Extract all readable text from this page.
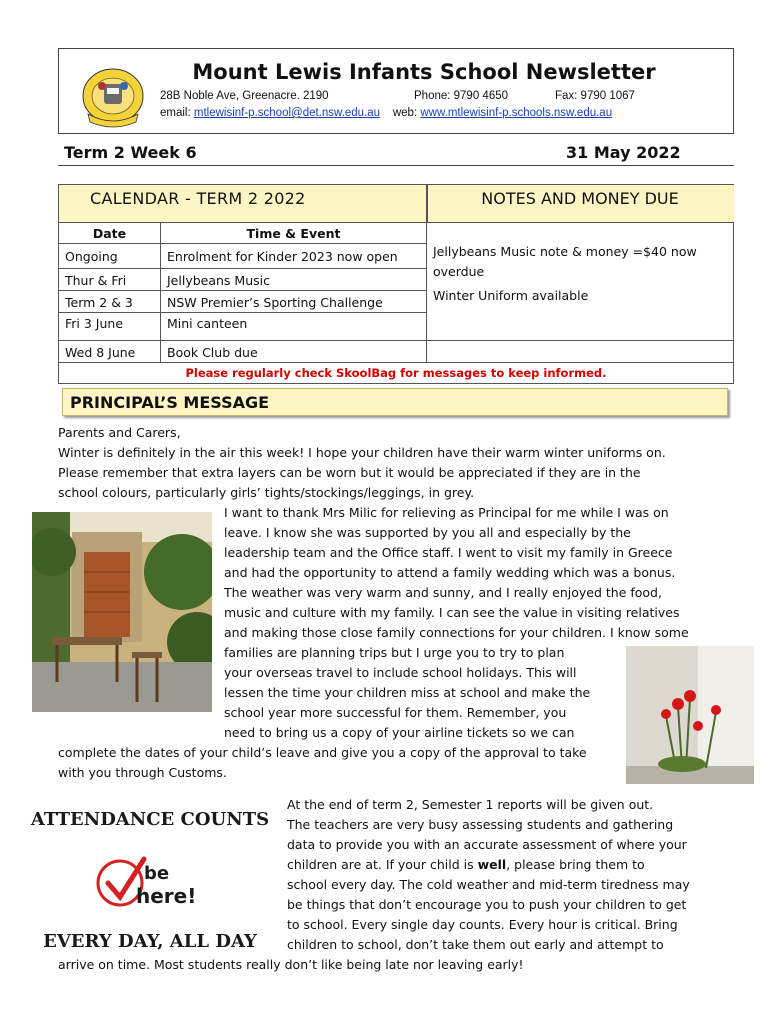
Mount Lewis Infants School Newsletter
28B Noble Ave, Greenacre. 2190	Phone: 9790 4650	Fax: 9790 1067
email: mtlewisinf-p.school@det.nsw.edu.au web: www.mtlewisinf-p.schools.nsw.edu.au
Term 2 Week 6	31 May 2022
CALENDAR - TERM 2 2022	NOTES AND MONEY DUE
Date	Time & Event
Ongoing	Enrolment for Kinder 2023 now open
Thur & Fri	Jellybeans Music
Term 2 & 3	NSW Premier’s Sporting Challenge
Fri 3 June	Mini canteen
Wed 8 June	Book Club due
Jellybeans Music note & money =$40 now
overdue
Winter Uniform available
Please regularly check SkoolBag for messages to keep informed.
PRINCIPAL’S MESSAGE
Parents and Carers,
Winter is definitely in the air this week! I hope your children have their warm winter uniforms on.
Please remember that extra layers can be worn but it would be appreciated if they are in the
school colours, particularly girls’ tights/stockings/leggings, in grey.
I want to thank Mrs Milic for relieving as Principal for me while I was on
leave. I know she was supported by you all and especially by the
leadership team and the Office staff. I went to visit my family in Greece
and had the opportunity to attend a family wedding which was a bonus.
The weather was very warm and sunny, and I really enjoyed the food,
music and culture with my family. I can see the value in visiting relatives
and making those close family connections for your children. I know some
families are planning trips but I urge you to try to plan
your overseas travel to include school holidays. This will
lessen the time your children miss at school and make the
school year more successful for them. Remember, you
need to bring us a copy of your airline tickets so we can
complete the dates of your child’s leave and give you a copy of the approval to take
with you through Customs.
ATTENDANCE COUNTS
be
here!
EVERY DAY, ALL DAY
At the end of term 2, Semester 1 reports will be given out.
The teachers are very busy assessing students and gathering
data to provide you with an accurate assessment of where your
children are at. If your child is well, please bring them to
school every day. The cold weather and mid-term tiredness may
be things that don’t encourage you to push your children to get
to school. Every single day counts. Every hour is critical. Bring
children to school, don’t take them out early and attempt to
arrive on time. Most students really don’t like being late nor leaving early!
